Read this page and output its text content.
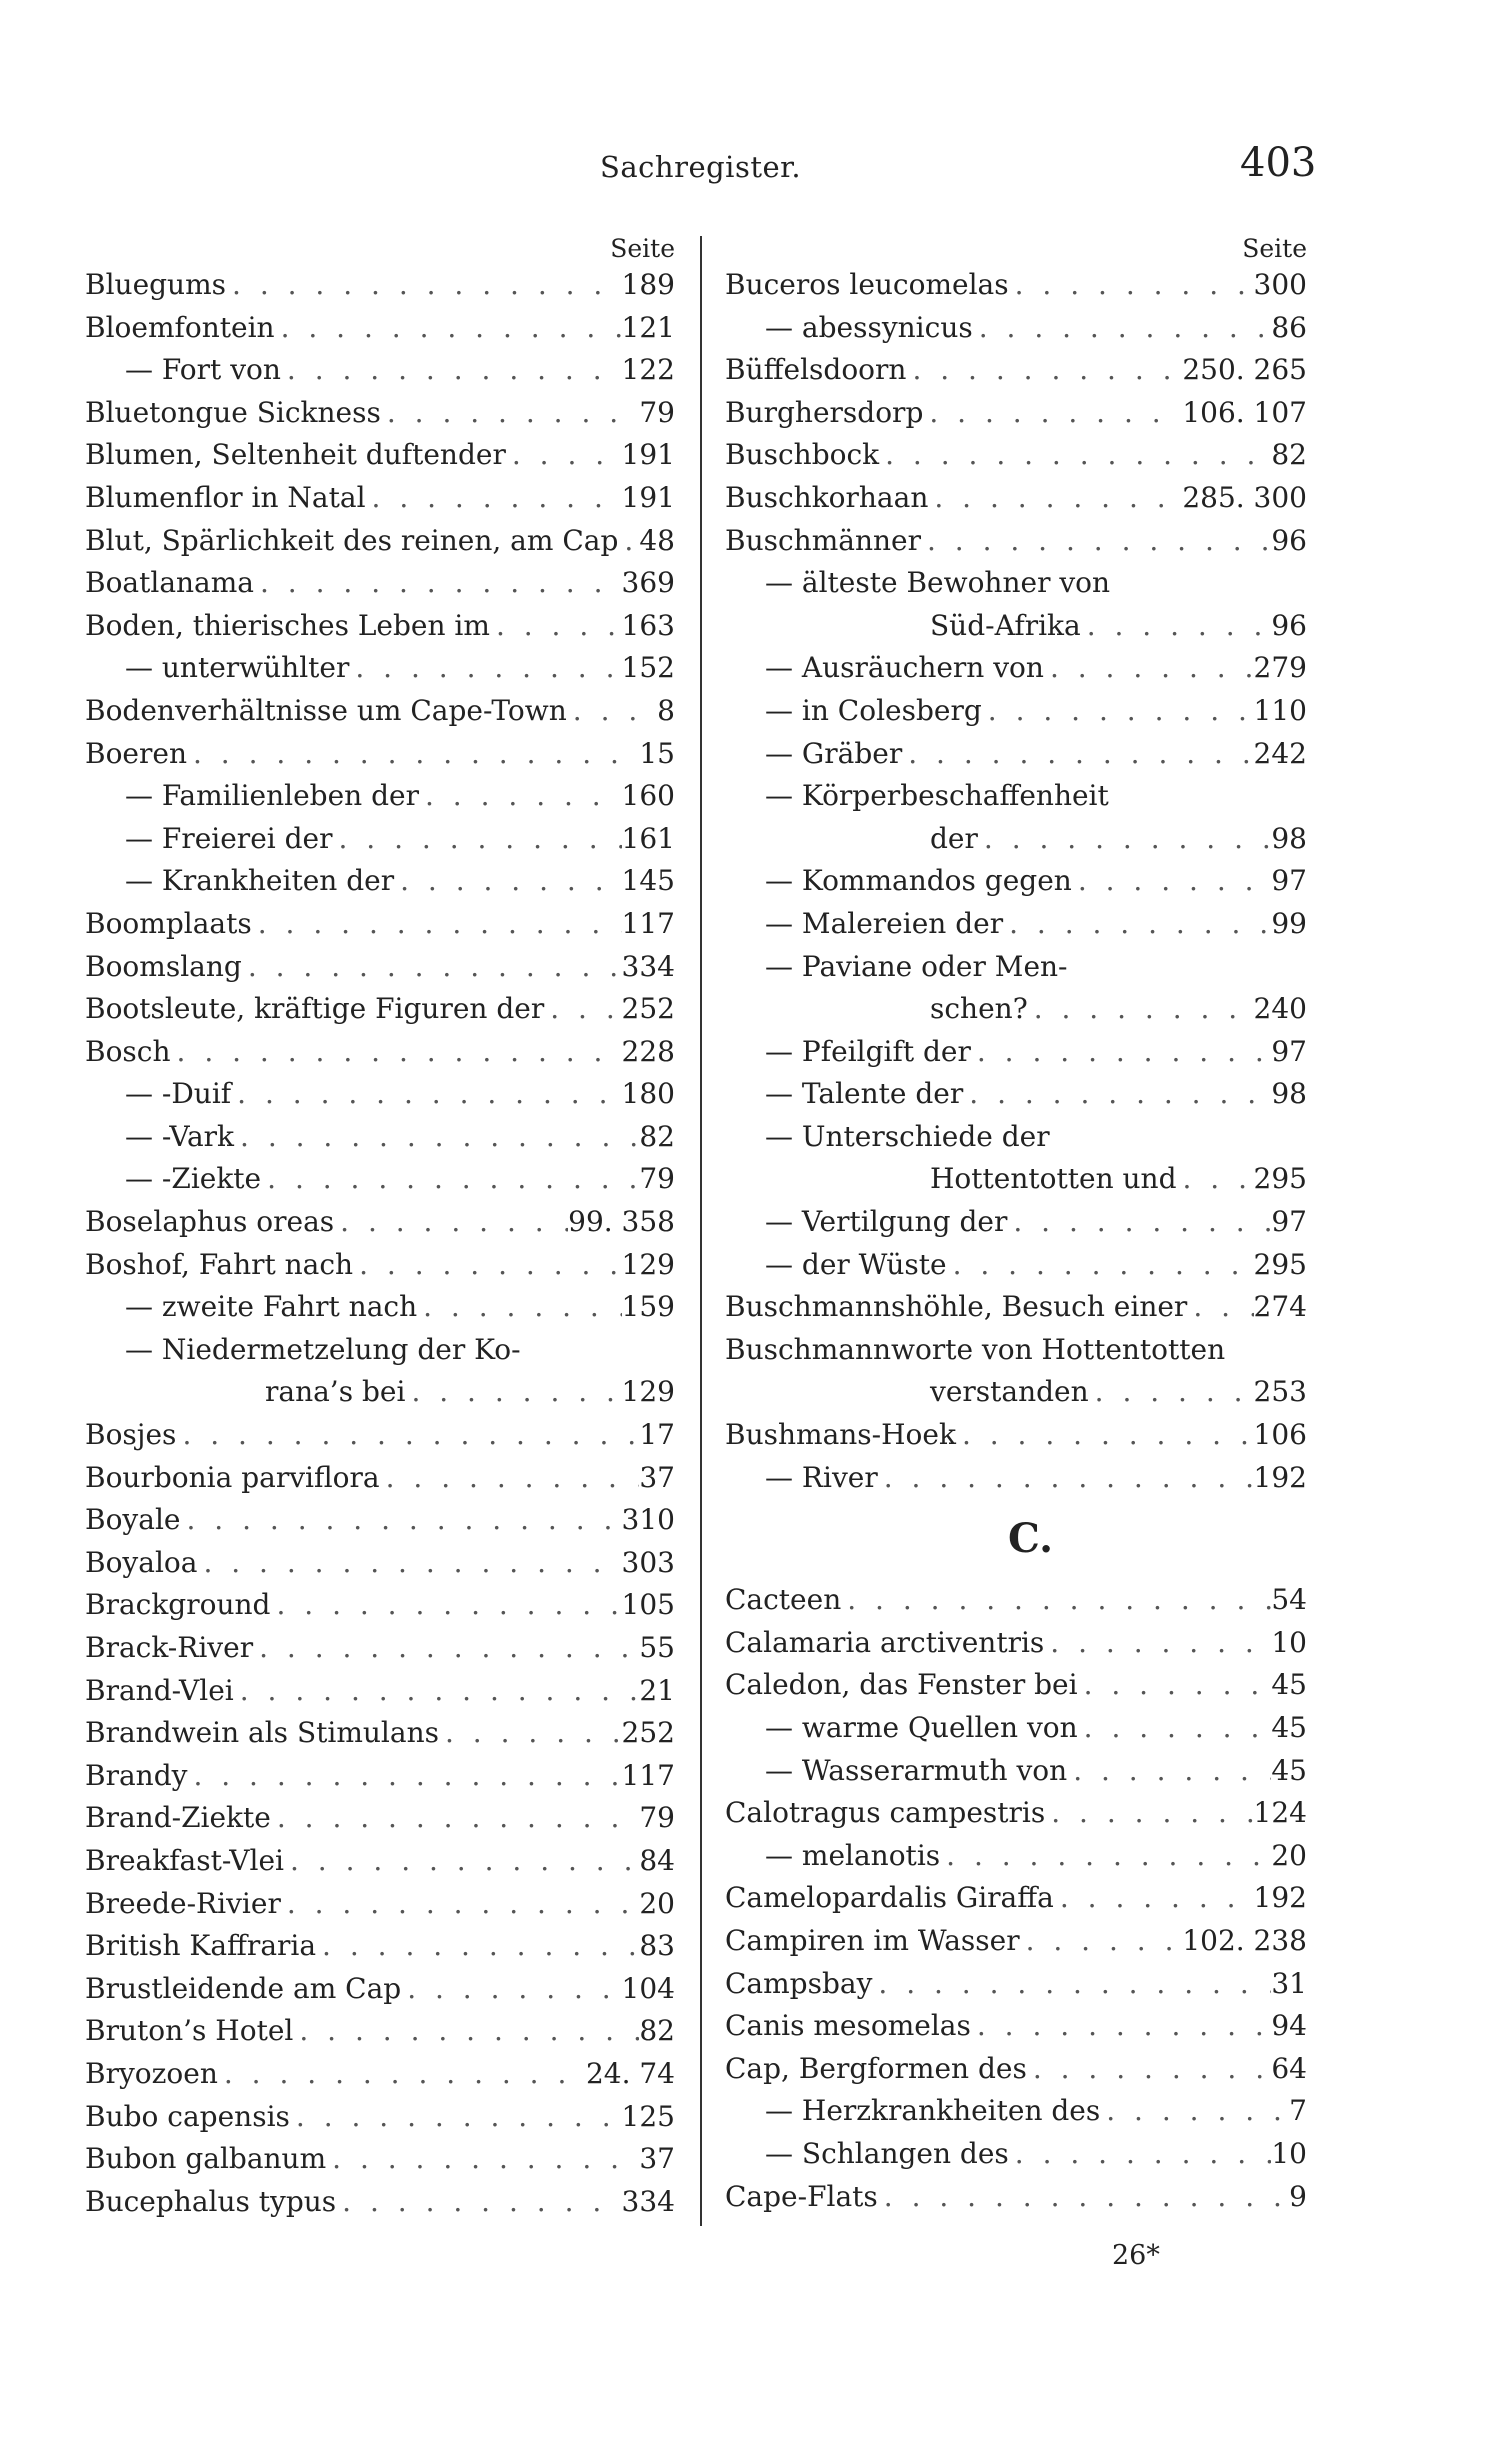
Sachregister.	403
Seite
Bluegums . . .	189
Bloemfontein . . .	121
— Fort von . . .	122
Bluetongue Sickness . . .	79
Blumen, Seltenheit duftender . . .	191
Blumenflor in Natal . . .	191
Blut, Spärlichkeit des reinen, am Cap . . . 48
Boatlanama . . .	369
Boden, thierisches Leben im . . .	163
— unterwühlter . . .	152
Bodenverhältnisse um Cape-Town . . .	8
Boeren . . .	15
— Familienleben der . . .	160
— Freierei der . . .	161
— Krankheiten der . . .	145
Boomplaats . . .	117
Boomslang . . .	334
Bootsleute, kräftige Figuren der . . .	252
Bosch . . .	228
— -Duif . . .	180
— -Vark . . .	82
— -Ziekte . . .	79
Boselaphus oreas . . .	99. 358
Boshof, Fahrt nach . . .	129
— zweite Fahrt nach . . .	159
— Niedermetzelung der Ko-
rana’s bei . . .	129
Bosjes . . .	17
Bourbonia parviflora . . .	37
Boyale . . .	310
Boyaloa . . .	303
Brackground . . .	105
Brack-River . . .	55
Brand-Vlei . . .	21
Brandwein als Stimulans . . .	252
Brandy . . .	117
Brand-Ziekte . . .	79
Breakfast-Vlei . . .	84
Breede-Rivier . . .	20
British Kaffraria . . .	83
Brustleidende am Cap . . .	104
Bruton’s Hotel . . .	82
Bryozoen . . .	24. 74
Bubo capensis . . .	125
Bubon galbanum . . .	37
Bucephalus typus . . .	334
Seite
Buceros leucomelas . . .	300
— abessynicus . . .	86
Büffelsdoorn . . .	250. 265
Burghersdorp . . .	106. 107
Buschbock . . .	82
Buschkorhaan . . .	285. 300
Buschmänner . . .	96
— älteste Bewohner von
Süd-Afrika . . .	96
— Ausräuchern von . . .	279
— in Colesberg . . .	110
— Gräber . . .	242
— Körperbeschaffenheit
der . . .	98
— Kommandos gegen . . .	97
— Malereien der . . .	99
— Paviane oder Men-
schen? . . .	240
— Pfeilgift der . . .	97
— Talente der . . .	98
— Unterschiede der
Hottentotten und . . .	295
— Vertilgung der . . .	97
— der Wüste . . .	295
Buschmannshöhle, Besuch einer . . . 274
Buschmannworte von Hottentotten
verstanden . . .	253
Bushmans-Hoek . . .	106
— River . . .	192
C.
Cacteen . . .	54
Calamaria arctiventris . . .	10
Caledon, das Fenster bei . . .	45
— warme Quellen von . . .	45
— Wasserarmuth von . . .	45
Calotragus campestris . . .	124
— melanotis . . .	20
Camelopardalis Giraffa . . .	192
Campiren im Wasser . . .	102. 238
Campsbay . . .	31
Canis mesomelas . . .	94
Cap, Bergformen des . . .	64
— Herzkrankheiten des . . .	7
— Schlangen des . . .	10
Cape-Flats . . .	9
26*
